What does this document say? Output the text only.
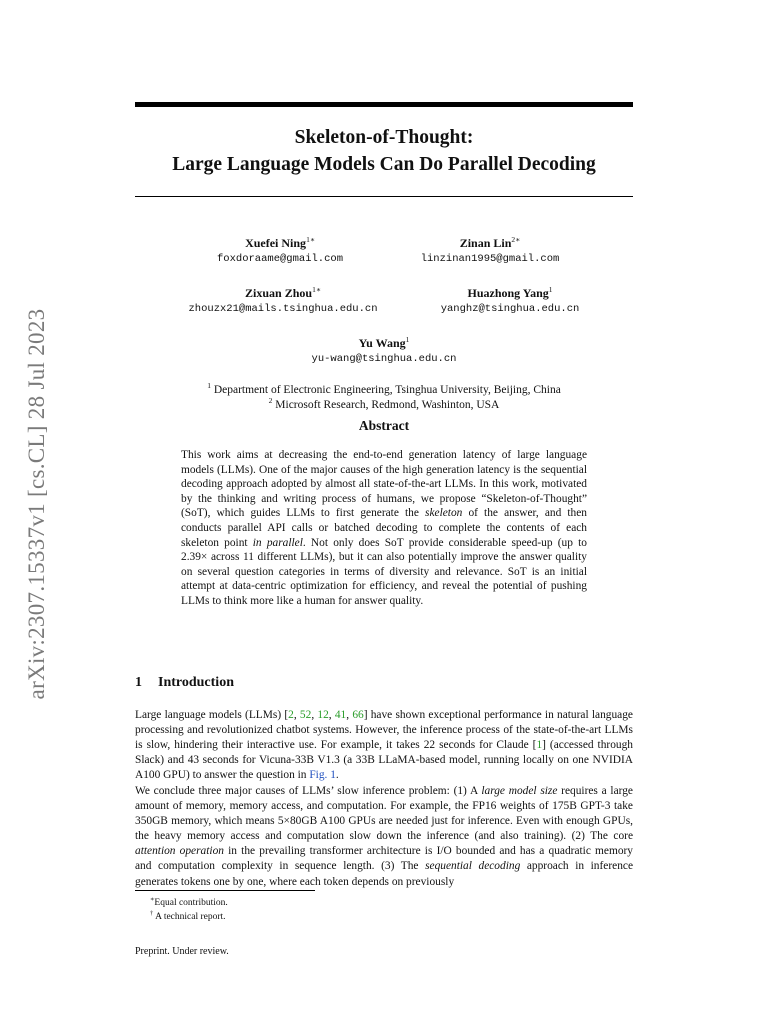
arXiv:2307.15337v1 [cs.CL] 28 Jul 2023
Skeleton-of-Thought:
Large Language Models Can Do Parallel Decoding
Xuefei Ning$^{1∗}$
foxdoraame@gmail.com
Zinan Lin$^{2∗}$
linzinan1995@gmail.com
Zixuan Zhou$^{1∗}$
zhouzx21@mails.tsinghua.edu.cn
Huazhong Yang$^1$
yanghz@tsinghua.edu.cn
Yu Wang$^1$
yu-wang@tsinghua.edu.cn
$^1$ Department of Electronic Engineering, Tsinghua University, Beijing, China
$^2$ Microsoft Research, Redmond, Washinton, USA
Abstract
This work aims at decreasing the end-to-end generation latency of large language models (LLMs). One of the major causes of the high generation latency is the sequential decoding approach adopted by almost all state-of-the-art LLMs. In this work, motivated by the thinking and writing process of humans, we propose “Skeleton-of-Thought” (SoT), which guides LLMs to first generate the skeleton of the answer, and then conducts parallel API calls or batched decoding to complete the contents of each skeleton point in parallel. Not only does SoT provide considerable speed-up (up to 2.39× across 11 different LLMs), but it can also potentially improve the answer quality on several question categories in terms of diversity and relevance. SoT is an initial attempt at data-centric optimization for efficiency, and reveal the potential of pushing LLMs to think more like a human for answer quality.
1 Introduction
Large language models (LLMs) [2, 52, 12, 41, 66] have shown exceptional performance in natural language processing and revolutionized chatbot systems. However, the inference process of the state-of-the-art LLMs is slow, hindering their interactive use. For example, it takes 22 seconds for Claude [1] (accessed through Slack) and 43 seconds for Vicuna-33B V1.3 (a 33B LLaMA-based model, running locally on one NVIDIA A100 GPU) to answer the question in Fig. 1.
We conclude three major causes of LLMs’ slow inference problem: (1) A large model size requires a large amount of memory, memory access, and computation. For example, the FP16 weights of 175B GPT-3 take 350GB memory, which means 5×80GB A100 GPUs are needed just for inference. Even with enough GPUs, the heavy memory access and computation slow down the inference (and also training). (2) The core attention operation in the prevailing transformer architecture is I/O bounded and has a quadratic memory and computation complexity in sequence length. (3) The sequential decoding approach in inference generates tokens one by one, where each token depends on previously
∗Equal contribution.
† A technical report.
Preprint. Under review.
